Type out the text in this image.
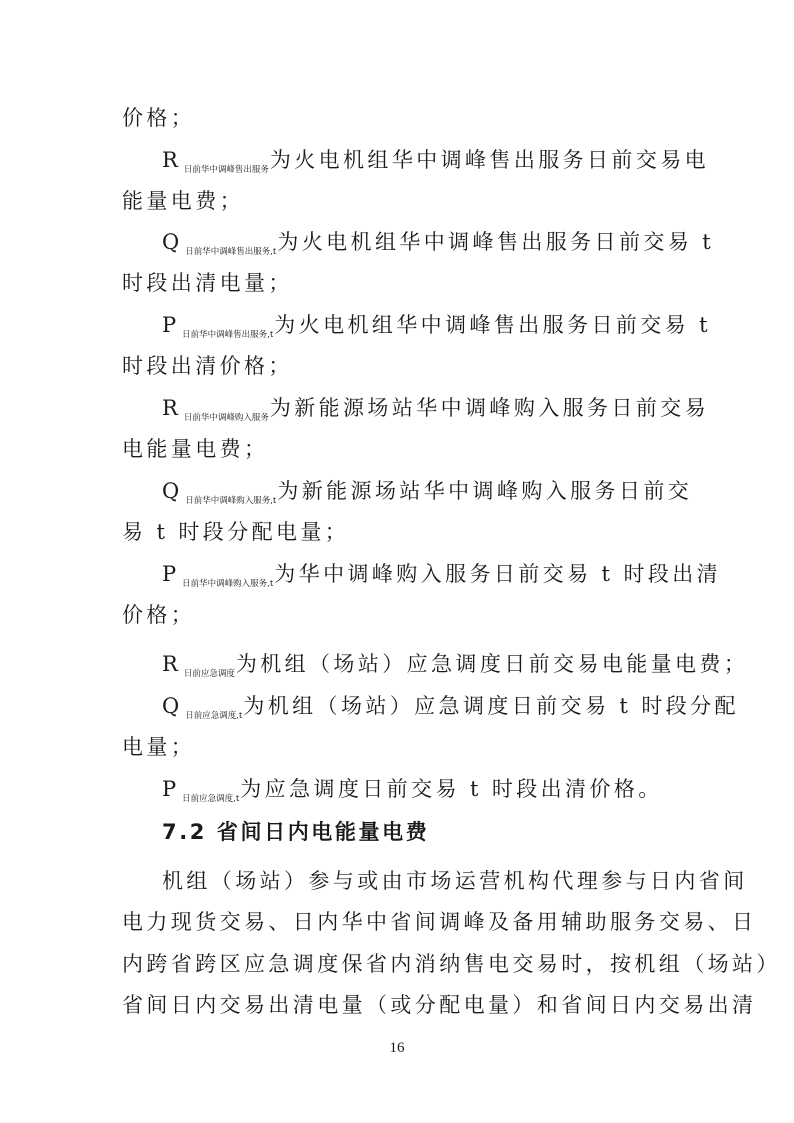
价格；
R $_{日前华中调峰售出服务}$为火电机组华中调峰售出服务日前交易电
能量电费；
Q $_{日前华中调峰售出服务,t}$为火电机组华中调峰售出服务日前交易 t
时段出清电量；
P $_{日前华中调峰售出服务,t}$为火电机组华中调峰售出服务日前交易 t
时段出清价格；
R $_{日前华中调峰购入服务}$为新能源场站华中调峰购入服务日前交易
电能量电费；
Q $_{日前华中调峰购入服务,t}$为新能源场站华中调峰购入服务日前交
易 t 时段分配电量；
P $_{日前华中调峰购入服务,t}$为华中调峰购入服务日前交易 t 时段出清
价格；
R $_{日前应急调度}$为机组（场站）应急调度日前交易电能量电费；
Q $_{日前应急调度,t}$为机组（场站）应急调度日前交易 t 时段分配
电量；
P $_{日前应急调度,t}$为应急调度日前交易 t 时段出清价格。
7.2 省间日内电能量电费
机组（场站）参与或由市场运营机构代理参与日内省间
电力现货交易、日内华中省间调峰及备用辅助服务交易、日
内跨省跨区应急调度保省内消纳售电交易时，按机组（场站）
省间日内交易出清电量（或分配电量）和省间日内交易出清
16
